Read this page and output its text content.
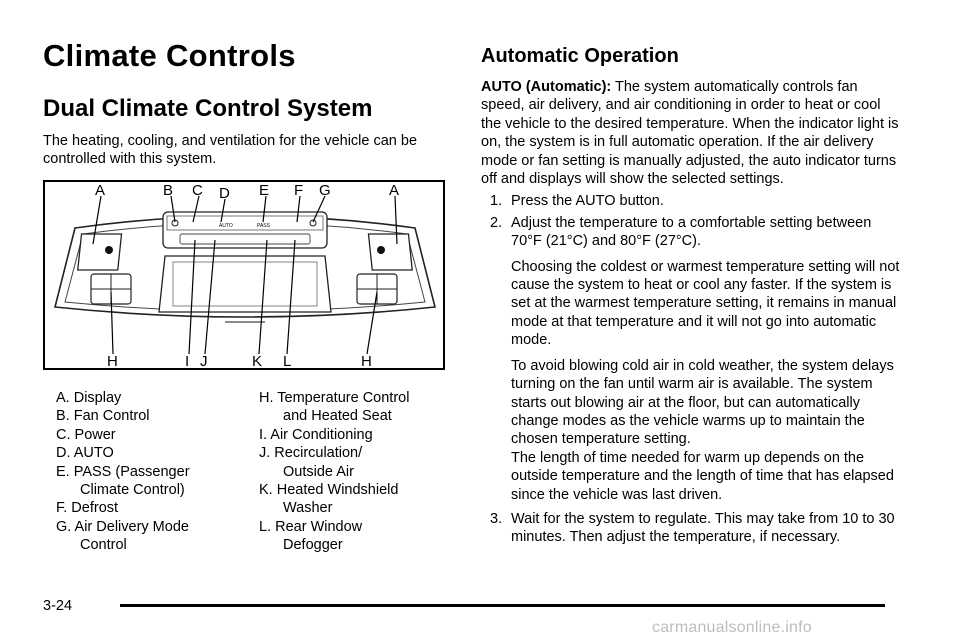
Climate Controls
Dual Climate Control System
The heating, cooling, and ventilation for the vehicle can be controlled with this system.
AUTO	PASS
A	B C D E F G	A
H	I J	K L	H
A. Display
B. Fan Control
C. Power
D. AUTO
E. PASS (Passenger
Climate Control)
F. Defrost
G. Air Delivery Mode
Control
H. Temperature Control
and Heated Seat
I. Air Conditioning
J. Recirculation/
Outside Air
K. Heated Windshield
Washer
L. Rear Window
Defogger
Automatic Operation
AUTO (Automatic): The system automatically controls fan speed, air delivery, and air conditioning in order to heat or cool the vehicle to the desired temperature. When the indicator light is on, the system is in full automatic operation. If the air delivery mode or fan setting is manually adjusted, the auto indicator turns off and displays will show the selected settings.
1. Press the AUTO button.
2. Adjust the temperature to a comfortable setting between 70°F (21°C) and 80°F (27°C).
Choosing the coldest or warmest temperature setting will not cause the system to heat or cool any faster. If the system is set at the warmest temperature setting, it remains in manual mode at that temperature and it will not go into automatic mode.
To avoid blowing cold air in cold weather, the system delays turning on the fan until warm air is available. The system starts out blowing air at the floor, but can automatically change modes as the vehicle warms up to maintain the chosen temperature setting.
The length of time needed for warm up depends on the outside temperature and the length of time that has elapsed since the vehicle was last driven.
3. Wait for the system to regulate. This may take from 10 to 30 minutes. Then adjust the temperature, if necessary.
3-24
carmanualsonline.info
